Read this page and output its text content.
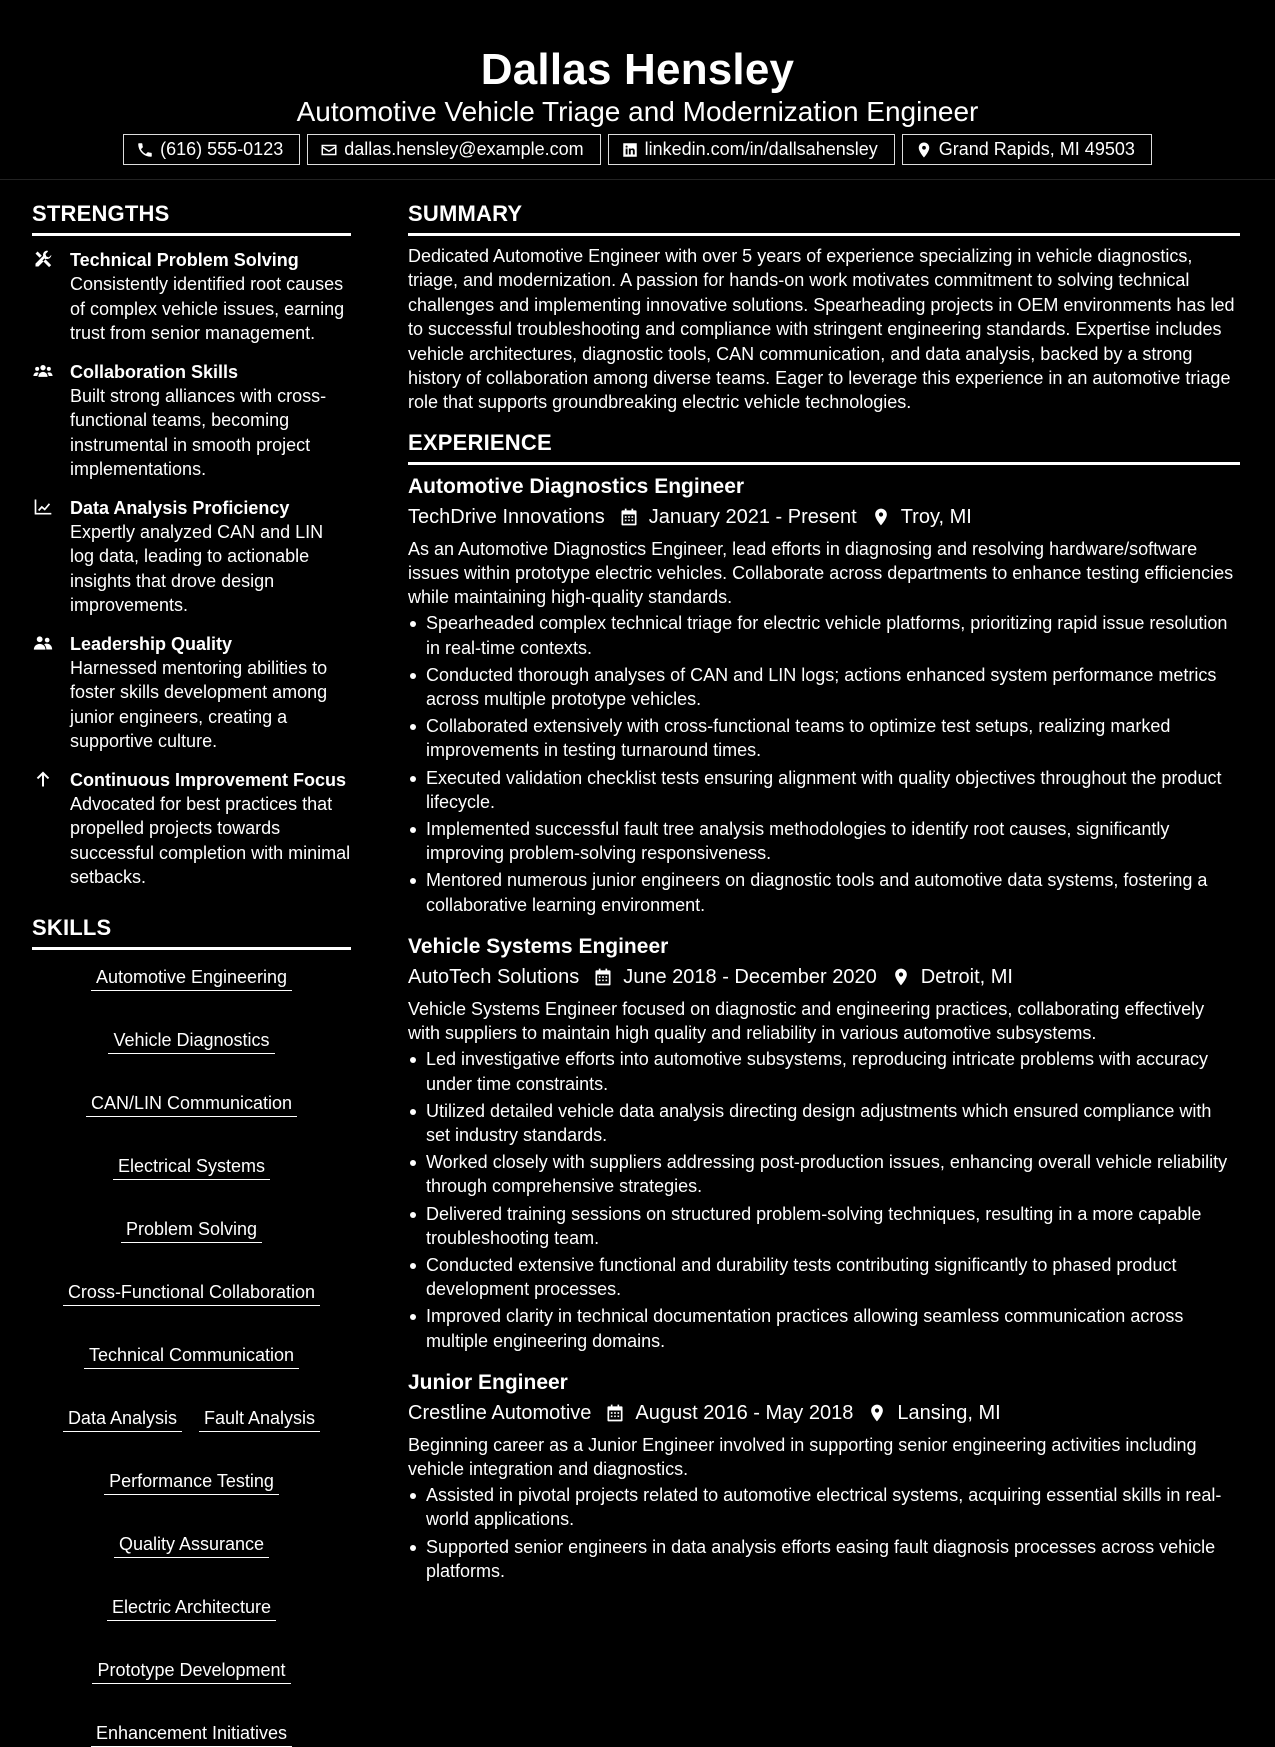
Dallas Hensley
Automotive Vehicle Triage and Modernization Engineer
(616) 555-0123	dallas.hensley@example.com	linkedin.com/in/dallsahensley	Grand Rapids, MI 49503
STRENGTHS
Technical Problem Solving
Consistently identified root causes of complex vehicle issues, earning trust from senior management.
Collaboration Skills
Built strong alliances with cross-functional teams, becoming instrumental in smooth project implementations.
Data Analysis Proficiency
Expertly analyzed CAN and LIN log data, leading to actionable insights that drove design improvements.
Leadership Quality
Harnessed mentoring abilities to foster skills development among junior engineers, creating a supportive culture.
Continuous Improvement Focus
Advocated for best practices that propelled projects towards successful completion with minimal setbacks.
SKILLS
Automotive Engineering
Vehicle Diagnostics
CAN/LIN Communication
Electrical Systems
Problem Solving
Cross-Functional Collaboration
Technical Communication
Data Analysis Fault Analysis
Performance Testing
Quality Assurance
Electric Architecture
Prototype Development
Enhancement Initiatives
SUMMARY

Dedicated Automotive Engineer with over 5 years of experience specializing in vehicle diagnostics, triage, and modernization. A passion for hands-on work motivates commitment to solving technical challenges and implementing innovative solutions. Spearheading projects in OEM environments has led to successful troubleshooting and compliance with stringent engineering standards. Expertise includes vehicle architectures, diagnostic tools, CAN communication, and data analysis, backed by a strong history of collaboration among diverse teams. Eager to leverage this experience in an automotive triage role that supports groundbreaking electric vehicle technologies.

EXPERIENCE
Automotive Diagnostics Engineer
TechDrive Innovations January 2021 - Present Troy, MI

As an Automotive Diagnostics Engineer, lead efforts in diagnosing and resolving hardware/software issues within prototype electric vehicles. Collaborate across departments to enhance testing efficiencies while maintaining high-quality standards.

Spearheaded complex technical triage for electric vehicle platforms, prioritizing rapid issue resolution in real-time contexts.
Conducted thorough analyses of CAN and LIN logs; actions enhanced system performance metrics across multiple prototype vehicles.
Collaborated extensively with cross-functional teams to optimize test setups, realizing marked improvements in testing turnaround times.
Executed validation checklist tests ensuring alignment with quality objectives throughout the product lifecycle.
Implemented successful fault tree analysis methodologies to identify root causes, significantly improving problem-solving responsiveness.
Mentored numerous junior engineers on diagnostic tools and automotive data systems, fostering a collaborative learning environment.
Vehicle Systems Engineer
AutoTech Solutions June 2018 - December 2020 Detroit, MI

Vehicle Systems Engineer focused on diagnostic and engineering practices, collaborating effectively with suppliers to maintain high quality and reliability in various automotive subsystems.

Led investigative efforts into automotive subsystems, reproducing intricate problems with accuracy under time constraints.
Utilized detailed vehicle data analysis directing design adjustments which ensured compliance with set industry standards.
Worked closely with suppliers addressing post-production issues, enhancing overall vehicle reliability through comprehensive strategies.
Delivered training sessions on structured problem-solving techniques, resulting in a more capable troubleshooting team.
Conducted extensive functional and durability tests contributing significantly to phased product development processes.
Improved clarity in technical documentation practices allowing seamless communication across multiple engineering domains.
Junior Engineer
Crestline Automotive August 2016 - May 2018 Lansing, MI

Beginning career as a Junior Engineer involved in supporting senior engineering activities including vehicle integration and diagnostics.

Assisted in pivotal projects related to automotive electrical systems, acquiring essential skills in real-world applications.
Supported senior engineers in data analysis efforts easing fault diagnosis processes across vehicle platforms.
